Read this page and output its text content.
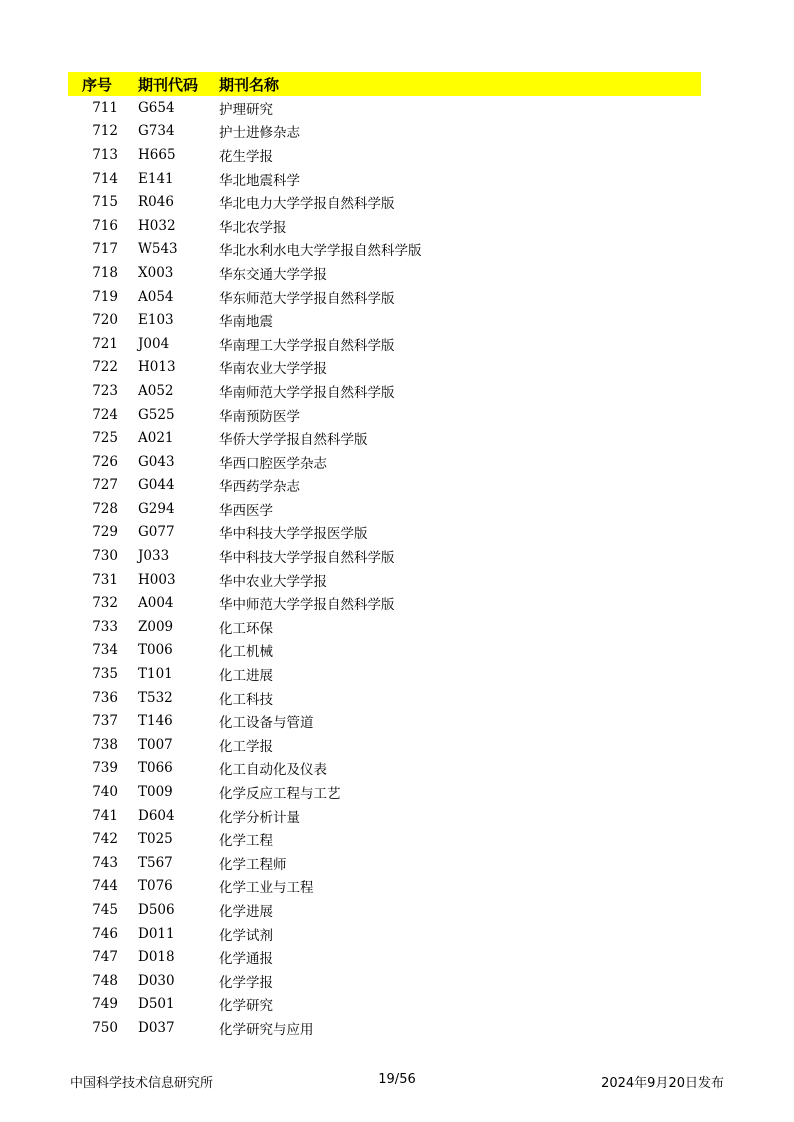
序号	期刊代码	期刊名称
711	G654	护理研究
712	G734	护士进修杂志
713	H665	花生学报
714	E141	华北地震科学
715	R046	华北电力大学学报自然科学版
716	H032	华北农学报
717	W543	华北水利水电大学学报自然科学版
718	X003	华东交通大学学报
719	A054	华东师范大学学报自然科学版
720	E103	华南地震
721	J004	华南理工大学学报自然科学版
722	H013	华南农业大学学报
723	A052	华南师范大学学报自然科学版
724	G525	华南预防医学
725	A021	华侨大学学报自然科学版
726	G043	华西口腔医学杂志
727	G044	华西药学杂志
728	G294	华西医学
729	G077	华中科技大学学报医学版
730	J033	华中科技大学学报自然科学版
731	H003	华中农业大学学报
732	A004	华中师范大学学报自然科学版
733	Z009	化工环保
734	T006	化工机械
735	T101	化工进展
736	T532	化工科技
737	T146	化工设备与管道
738	T007	化工学报
739	T066	化工自动化及仪表
740	T009	化学反应工程与工艺
741	D604	化学分析计量
742	T025	化学工程
743	T567	化学工程师
744	T076	化学工业与工程
745	D506	化学进展
746	D011	化学试剂
747	D018	化学通报
748	D030	化学学报
749	D501	化学研究
750	D037	化学研究与应用
中国科学技术信息研究所	19/56	2024年9月20日发布
